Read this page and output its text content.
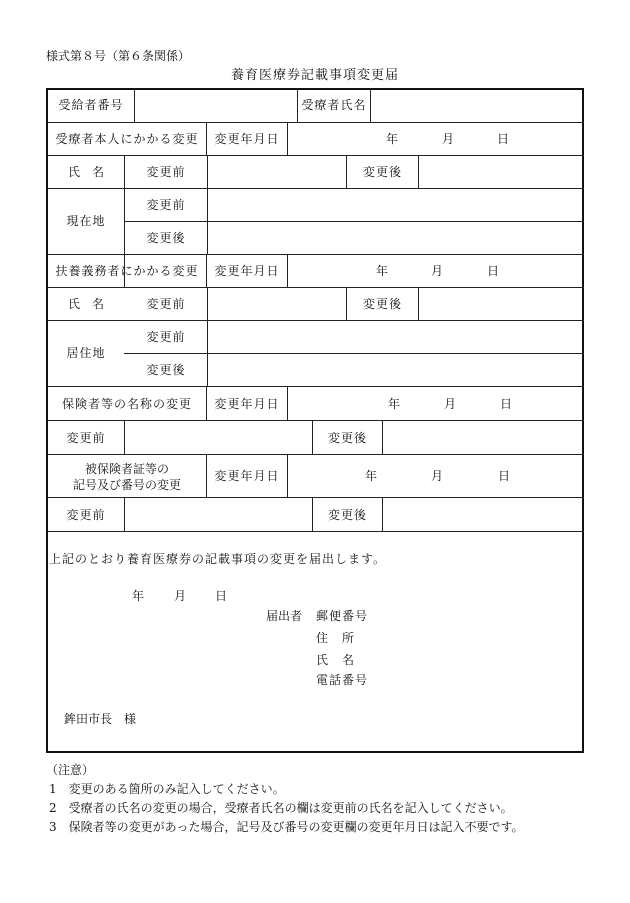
様式第８号（第６条関係）
養育医療券記載事項変更届
受給者番号	受療者氏名
受療者本人にかかる変更	変更年月日	年	月	日
氏　名	変更前	変更後
現在地
変更前
変更後
扶養義務者にかかる変更	変更年月日	年	月	日
氏　名	変更前	変更後
居住地
変更前
変更後
保険者等の名称の変更	変更年月日	年	月	日
変更前	変更後
被保険者証等の
記号及び番号の変更
変更年月日	年	月	日
変更前	変更後
上記のとおり養育医療券の記載事項の変更を届出します。
年 月 日
届出者 郵便番号
住　所
氏　名
電話番号
鉾田市長　様
（注意）
1　変更のある箇所のみ記入してください。
2　受療者の氏名の変更の場合，受療者氏名の欄は変更前の氏名を記入してください。
3　保険者等の変更があった場合，記号及び番号の変更欄の変更年月日は記入不要です。
